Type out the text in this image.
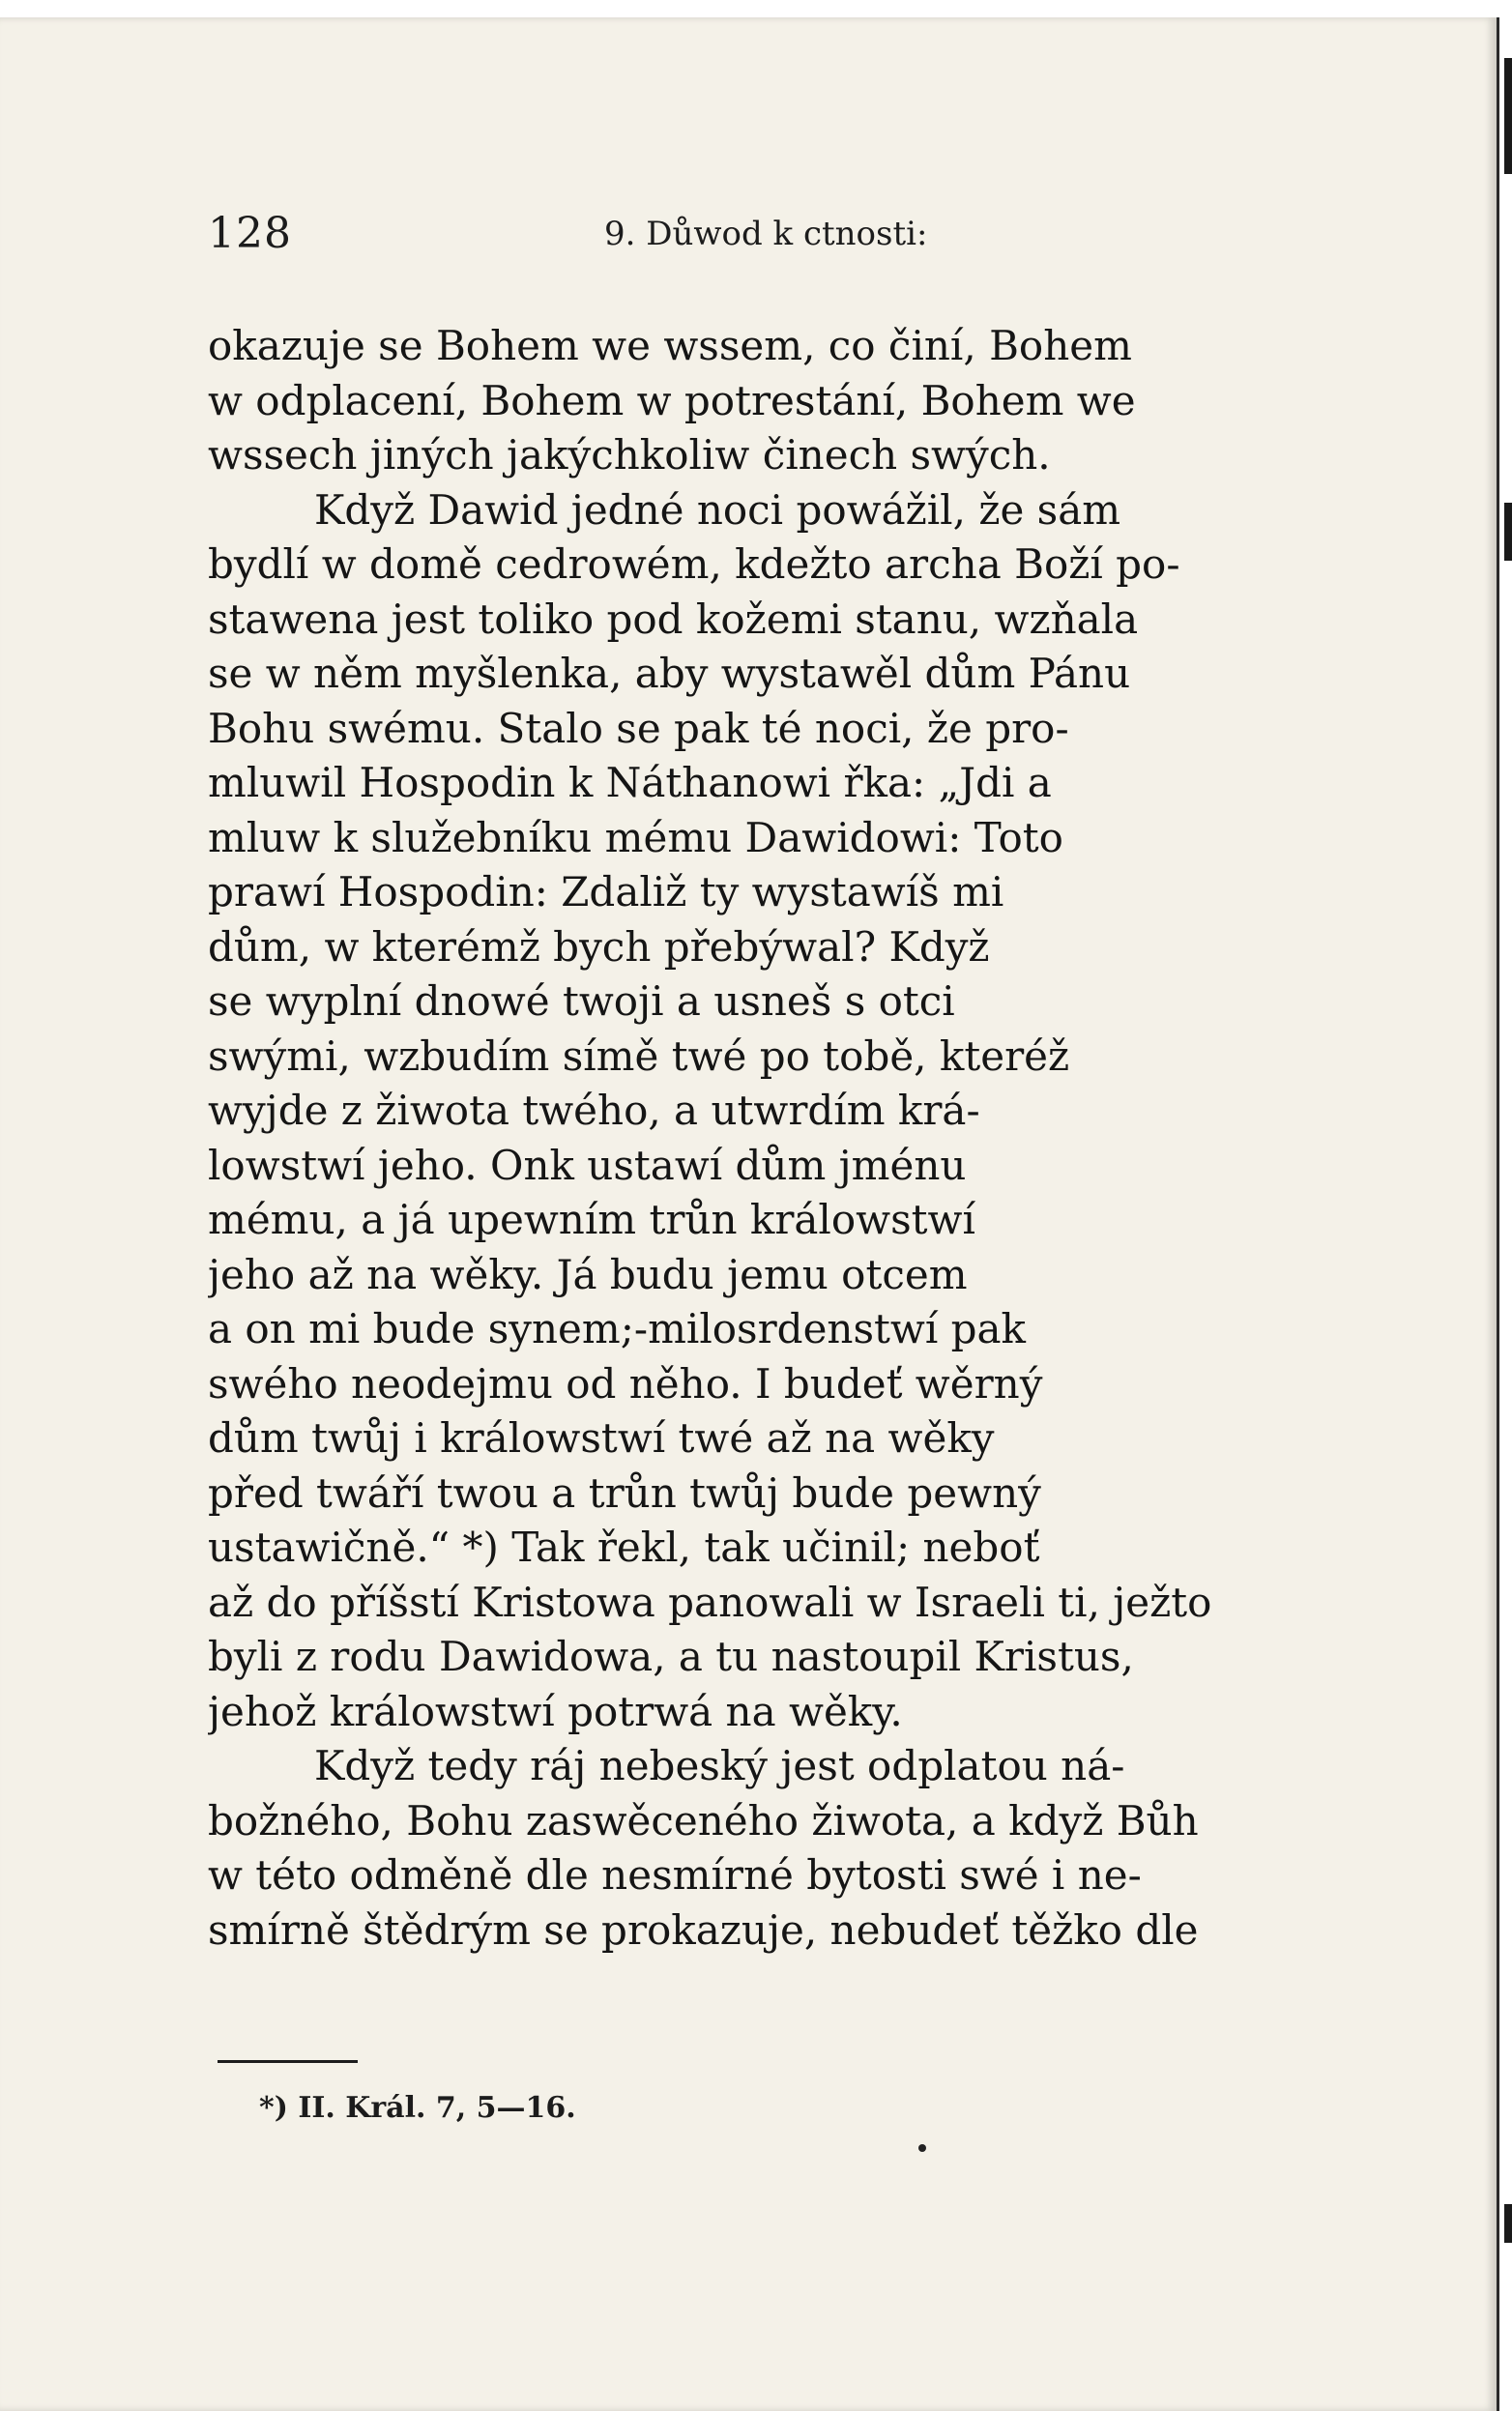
128	9. Důwod k ctnosti:
okazuje se Bohem we wssem, co činí, Bohem
w odplacení, Bohem w potrestání, Bohem we
wssech jiných jakýchkoliw činech swých.
Když Dawid jedné noci powážil, že sám
bydlí w domě cedrowém, kdežto archa Boží po-
stawena jest toliko pod kožemi stanu, wzňala
se w něm myšlenka, aby wystawěl dům Pánu
Bohu swému. Stalo se pak té noci, že pro-
mluwil Hospodin k Náthanowi řka: „Jdi a
mluw k služebníku mému Dawidowi: Toto
prawí Hospodin: Zdaliž ty wystawíš mi
dům, w kterémž bych přebýwal? Když
se wyplní dnowé twoji a usneš s otci
swými, wzbudím símě twé po tobě, kteréž
wyjde z žiwota twého, a utwrdím krá-
lowstwí jeho. Onk ustawí dům jménu
mému, a já upewním trůn králowstwí
jeho až na wěky. Já budu jemu otcem
a on mi bude synem;-milosrdenstwí pak
swého neodejmu od něho. I budeť wěrný
dům twůj i králowstwí twé až na wěky
před twáří twou a trůn twůj bude pewný
ustawičně.“ *) Tak řekl, tak učinil; neboť
až do příšstí Kristowa panowali w Israeli ti, ježto
byli z rodu Dawidowa, a tu nastoupil Kristus,
jehož králowstwí potrwá na wěky.
Když tedy ráj nebeský jest odplatou ná-
božného, Bohu zaswěceného žiwota, a když Bůh
w této odměně dle nesmírné bytosti swé i ne-
smírně štědrým se prokazuje, nebudeť těžko dle
*) II. Král. 7, 5—16.
